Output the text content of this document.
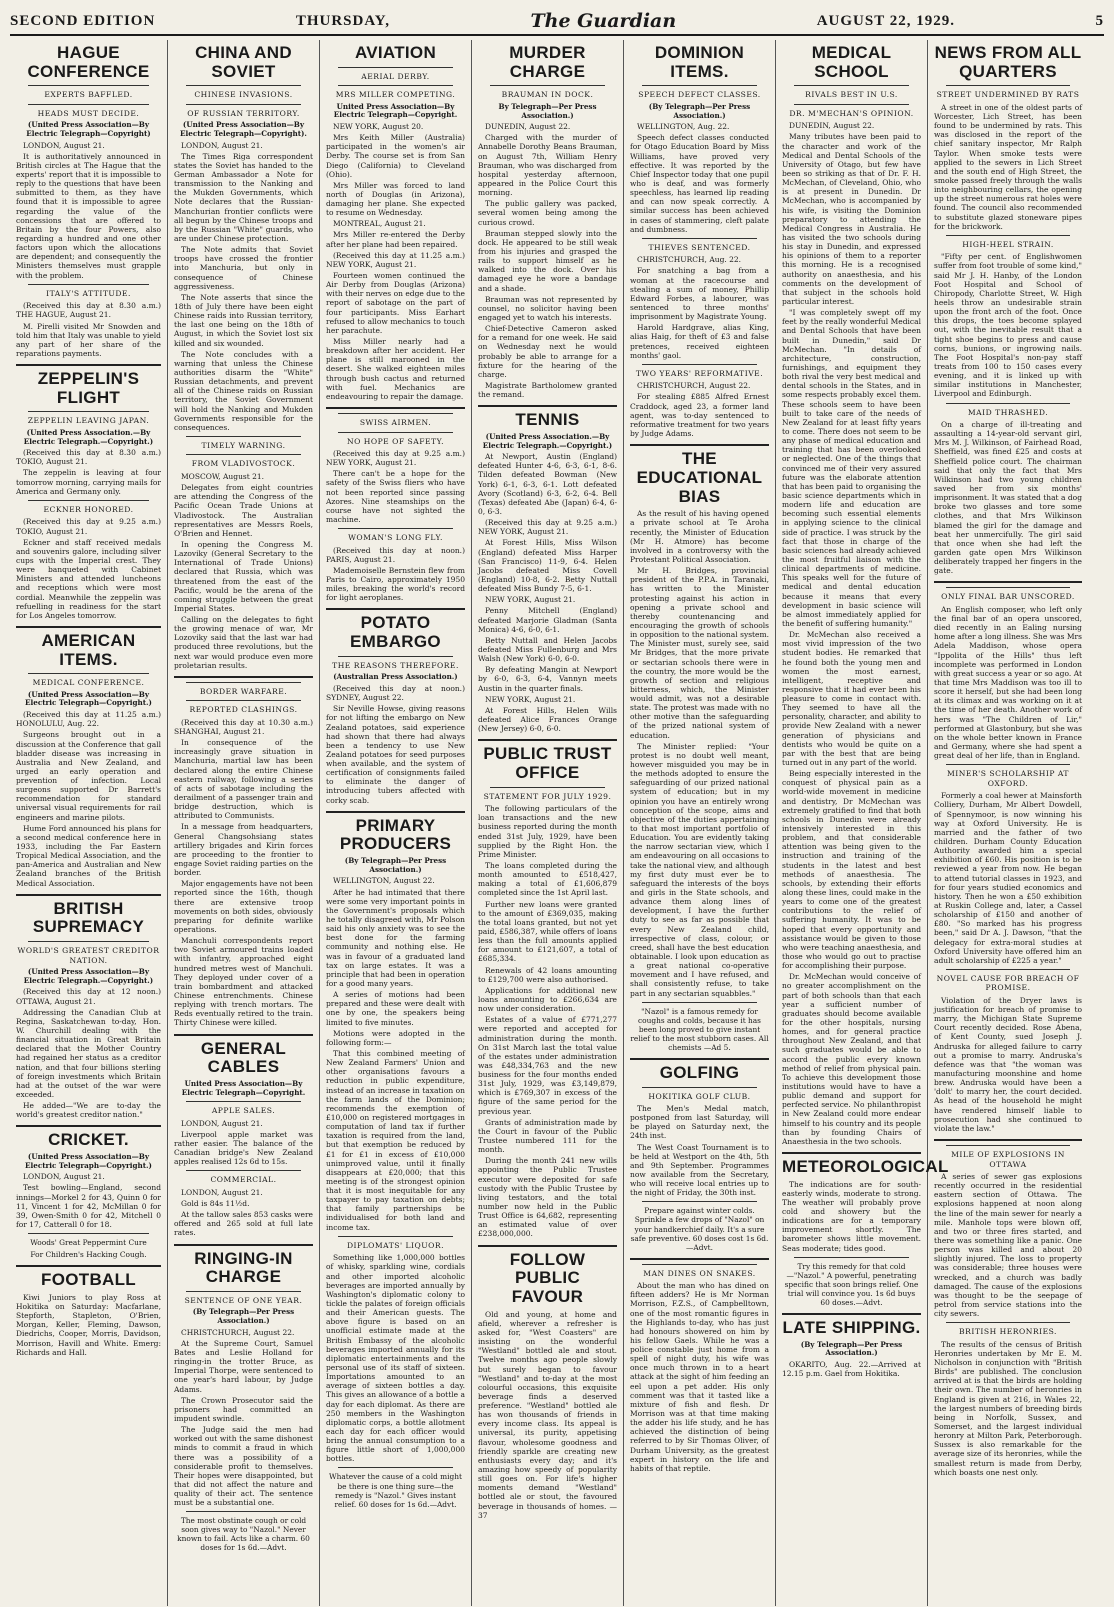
SECOND EDITION	THURSDAY,	The Guardian	AUGUST 22, 1929.	5
HAGUE CONFERENCE
EXPERTS BAFFLED.
HEADS MUST DECIDE.
(United Press Association—By Electric Telegraph—Copyright)

LONDON, August 21.

It is authoritatively announced in British circles at The Hague that the experts' report that it is impossible to reply to the questions that have been submitted to them, as they have found that it is impossible to agree regarding the value of the concessions that are offered to Britain by the four Powers, also regarding a hundred and one other factors upon which the allocations are dependent; and consequently the Ministers themselves must grapple with the problem.

ITALY'S ATTITUDE.

(Received this day at 8.30 a.m.) THE HAGUE, August 21.

M. Pirelli visited Mr Snowden and told him that Italy was unable to yield any part of her share of the reparations payments.

ZEPPELIN'S FLIGHT
ZEPPELIN LEAVING JAPAN.
(United Press Association.—By Electric Telegraph.—Copyright.)

(Received this day at 8.30 a.m.) TOKIO, August 21.

The zeppelin is leaving at four tomorrow morning, carrying mails for America and Germany only.

ECKNER HONORED.

(Received this day at 9.25 a.m.) TOKIO, August 21.

Eckner and staff received medals and souvenirs galore, including silver cups with the Imperial crest. They were banqueted with Cabinet Ministers and attended luncheons and receptions which were most cordial. Meanwhile the zeppelin was refuelling in readiness for the start for Los Angeles tomorrow.

AMERICAN ITEMS.
MEDICAL CONFERENCE.
(United Press Association—By Electric Telegraph—Copyright.)

(Received this day at 11.25 a.m.) HONOLULU, Aug. 22.

Surgeons brought out in a discussion at the Conference that gall bladder disease was increasing in Australia and New Zealand, and urged an early operation and prevention of infection. Local surgeons supported Dr Barrett's recommendation for standard universal visual requirements for rail engineers and marine pilots.

Hume Ford announced his plans for a second medical conference here in 1933, including the Far Eastern Tropical Medical Association, and the pan-America and Australian and New Zealand branches of the British Medical Association.

BRITISH SUPREMACY
WORLD'S GREATEST CREDITOR NATION.
(United Press Association—By Electric Telegraph.—Copyright.)

(Received this day at 12 noon.) OTTAWA, August 21.

Addressing the Canadian Club at Regina, Saskatchewan to-day, Hon. W. Churchill dealing with the financial situation in Great Britain declared that the Mother Country had regained her status as a creditor nation, and that four billions sterling of foreign investments which Britain had at the outset of the war were exceeded.

He added—"We are to-day the world's greatest creditor nation."

CRICKET.
(United Press Association—By Electric Telegraph—Copyright.)

LONDON, August 21.

Test bowling—England, second innings—Morkel 2 for 43, Quinn 0 for 11, Vincent 1 for 42, McMillan 0 for 39, Owen-Smith 0 for 42, Mitchell 0 for 17, Catterall 0 for 18.

Woods' Great Peppermint Cure

For Children's Hacking Cough.

FOOTBALL

Kiwi Juniors to play Ross at Hokitika on Saturday: Macfarlane, Stepforth, Stapleton, O'Brien, Morgan, Keller, Fleming, Dawson, Diedrichs, Cooper, Morris, Davidson, Morrison, Havill and White. Emerg: Richards and Hall.

CHINA AND SOVIET
CHINESE INVASIONS.
OF RUSSIAN TERRITORY.
(United Press Association—By Electric Telegraph—Copyright).

LONDON, August 21.

The Times Riga correspondent states the Soviet has handed to the German Ambassador a Note for transmission to the Nanking and the Mukden Governments, which Note declares that the Russian-Manchurian frontier conflicts were all begun by the Chinese troops and by the Russian "White" guards, who are under Chinese protection.

The Note admits that Soviet troops have crossed the frontier into Manchuria, but only in consequence of Chinese aggressiveness.

The Note asserts that since the 18th of July there have been eight Chinese raids into Russian territory, the last one being on the 18th of August, in which the Soviet lost six killed and six wounded.

The Note concludes with a warning that unless the Chinese authorities disarm the "White" Russian detachments, and prevent all of the Chinese raids on Russian territory, the Soviet Government will hold the Nanking and Mukden Governments responsible for the consequences.

TIMELY WARNING.
FROM VLADIVOSTOCK.

MOSCOW, August 21.

Delegates from eight countries are attending the Congress of the Pacific Ocean Trade Unions at Vladivostock. The Australian representatives are Messrs Roels, O'Brien and Hennet.

In opening the Congress M. Lazoviky (General Secretary to the International of Trade Unions) declared that Russia, which was threatened from the east of the Pacific, would be the arena of the coming struggle between the great Imperial States.

Calling on the delegates to fight the growing menace of war, Mr Lozoviky said that the last war had produced three revolutions, but the next war would produce even more proletarian results.

BORDER WARFARE.
REPORTED CLASHINGS.

(Received this day at 10.30 a.m.) SHANGHAI, August 21.

In consequence of the increasingly grave situation in Manchuria, martial law has been declared along the entire Chinese eastern railway, following a series of acts of sabotage including the derailment of a passenger train and bridge destruction, which is attributed to Communists.

In a message from headquarters, General Changsohsiang states artillery brigades and Kirin forces are proceeding to the frontier to engage Soviet raiding parties on the border.

Major engagements have not been reported since the 16th, though there are extensive troop movements on both sides, obviously preparing for definite warlike operations.

Manchuli correspondents report two Soviet armoured trains loaded with infantry, approached eight hundred metres west of Manchuli. They deployed under cover of a train bombardment and attacked Chinese entrenchments. Chinese replying with trench mortars. The Reds eventually retired to the train. Thirty Chinese were killed.

GENERAL CABLES
United Press Association—By Electric Telegraph—Copyright.
APPLE SALES.

LONDON, August 21.

Liverpool apple market was rather easier. The balance of the Canadian bridge's New Zealand apples realised 12s 6d to 15s.

COMMERCIAL.

LONDON, August 21.

Gold is 84s 11½d.

At the tallow sales 853 casks were offered and 265 sold at full late rates.

RINGING-IN CHARGE
SENTENCE OF ONE YEAR.
(By Telegraph—Per Press Association.)

CHRISTCHURCH, August 22.

At the Supreme Court, Samuel Bates and Leslie Holland for ringing-in the trotter Bruce, as Imperial Thorpe, were sentenced to one year's hard labour, by Judge Adams.

The Crown Prosecutor said the prisoners had committed an impudent swindle.

The Judge said the men had worked out with the same dishonest minds to commit a fraud in which there was a possibility of a considerable profit to themselves. Their hopes were disappointed, but that did not affect the nature and quality of their act. The sentence must be a substantial one.

The most obstinate cough or cold soon gives way to "Nazol." Never known to fail. Acts like a charm. 60 doses for 1s 6d.—Advt.

AVIATION
AERIAL DERBY.
MRS MILLER COMPETING.
United Press Association—By Electric Telegraph—Copyright.

NEW YORK, August 20.

Mrs Keith Miller (Australia) participated in the women's air Derby. The course set is from San Diego (California) to Cleveland (Ohio).

Mrs Miller was forced to land north of Douglas (in Arizona), damaging her plane. She expected to resume on Wednesday.

MONTREAL, August 21.

Mrs Miller re-entered the Derby after her plane had been repaired.

(Received this day at 11.25 a.m.) NEW YORK, August 21.

Fourteen women continued the Air Derby from Douglas (Arizona) with their nerves on edge due to the report of sabotage on the part of four participants. Miss Earhart refused to allow mechanics to touch her parachute.

Miss Miller nearly had a breakdown after her accident. Her plane is still marooned in the desert. She walked eighteen miles through bush cactus and returned with fuel. Mechanics are endeavouring to repair the damage.

SWISS AIRMEN.
NO HOPE OF SAFETY.

(Received this day at 9.25 a.m.) NEW YORK, August 21.

There can't be a hope for the safety of the Swiss fliers who have not been reported since passing Azores. Nine steamships on the course have not sighted the machine.

WOMAN'S LONG FLY.

(Received this day at noon.) PARIS, August 21.

Mademoiselle Bernstein flew from Paris to Cairo, approximately 1950 miles, breaking the world's record for light aeroplanes.

POTATO EMBARGO
THE REASONS THEREFORE.
(Australian Press Association.)

(Received this day at noon.) SYDNEY, August 22.

Sir Neville Howse, giving reasons for not lifting the embargo on New Zealand potatoes, said experience had shown that there had always been a tendency to use New Zealand potatoes for seed purposes when available, and the system of certification of consignments failed to eliminate the danger of introducing tubers affected with corky scab.

PRIMARY PRODUCERS
(By Telegraph—Per Press Association.)

WELLINGTON, August 22.

After he had intimated that there were some very important points in the Government's proposals which he totally disagreed with, Mr Polson said his only anxiety was to see the best done for the farming community and nothing else. He was in favour of a graduated land tax on large estates. It was a principle that had been in operation for a good many years.

A series of motions had been prepared and these were dealt with one by one, the speakers being limited to five minutes.

Motions were adopted in the following form:—

That this combined meeting of New Zealand Farmers' Union and other organisations favours a reduction in public expenditure, instead of an increase in taxation on the farm lands of the Dominion; recommends the exemption of £10,000 on registered mortgages in computation of land tax if further taxation is required from the land, but that exemption be reduced by £1 for £1 in excess of £10,000 unimproved value, until it finally disappears at £20,000; that this meeting is of the strongest opinion that it is most inequitable for any taxpayer to pay taxation on debts; that family partnerships be individualised for both land and income tax.

DIPLOMATS' LIQUOR.

Something like 1,000,000 bottles of whisky, sparkling wine, cordials and other imported alcoholic beverages are imported annually by Washington's diplomatic colony to tickle the palates of foreign officials and their American guests. The above figure is based on an unofficial estimate made at the British Embassy of the alcoholic beverages imported annually for its diplomatic entertainments and the personal use of its staff of sixteen. Importations amounted to an average of sixteen bottles a day. This gives an allowance of a bottle a day for each diplomat. As there are 250 members in the Washington diplomatic corps, a bottle allotment each day for each officer would bring the annual consumption to a figure little short of 1,000,000 bottles.

Whatever the cause of a cold might be there is one thing sure—the remedy is "Nazol." Gives instant relief. 60 doses for 1s 6d.—Advt.

MURDER CHARGE
BRAUMAN IN DOCK.
By Telegraph—Per Press Association.)

DUNEDIN, August 22.

Charged with the murder of Annabelle Dorothy Beans Brauman, on August 7th, William Henry Brauman, who was discharged from hospital yesterday afternoon, appeared in the Police Court this morning.

The public gallery was packed, several women being among the curious crowd.

Brauman stepped slowly into the dock. He appeared to be still weak from his injuries and grasped the rails to support himself as he walked into the dock. Over his damaged eye he wore a bandage and a shade.

Brauman was not represented by counsel, no solicitor having been engaged yet to watch his interests.

Chief-Detective Cameron asked for a remand for one week. He said on Wednesday next he would probably be able to arrange for a fixture for the hearing of the charge.

Magistrate Bartholomew granted the remand.

TENNIS
(United Press Association.—By Electric Telegraph.—Copyright.)

At Newport, Austin (England) defeated Hunter 4-6, 6-3, 6-1, 8-6. Tilden defeated Bowman (New York) 6-1, 6-3, 6-1. Lott defeated Avory (Scotland) 6-3, 6-2, 6-4. Bell (Texas) defeated Abe (Japan) 6-4, 6-0, 6-3.

(Received this day at 9.25 a.m.) NEW YORK, August 21.

At Forest Hills, Miss Wilson (England) defeated Miss Harper (San Francisco) 11-9, 6-4. Helen Jacobs defeated Miss Covell (England) 10-8, 6-2. Betty Nuttall defeated Miss Bundy 7-5, 6-1.

NEW YORK, August 21.

Penny Mitchell (England) defeated Marjorie Gladman (Santa Monica) 4-6, 6-0, 6-1.

Betty Nuttall and Helen Jacobs defeated Miss Fullenburg and Mrs Walsh (New York) 6-0, 6-0.

By defeating Mangin at Newport by 6-0, 6-3, 6-4, Vannyn meets Austin in the quarter finals.

NEW YORK, August 21.

At Forest Hills, Helen Wills defeated Alice Frances Orange (New Jersey) 6-0, 6-0.

PUBLIC TRUST OFFICE
STATEMENT FOR JULY 1929.

The following particulars of the loan transactions and the new business reported during the month ended 31st July, 1929, have been supplied by the Right Hon. the Prime Minister.

The loans completed during the month amounted to £518,427, making a total of £1,606,879 completed since the 1st April last.

Further new loans were granted to the amount of £369,035, making the total loans granted, but not yet paid, £586,387, while offers of loans less than the full amounts applied for amount to £121,607, a total of £685,334.

Renewals of 42 loans amounting to £129,700 were also authorised.

Applications for additional new loans amounting to £266,634 are now under consideration.

Estates of a value of £771,277 were reported and accepted for administration during the month. On 31st March last the total value of the estates under administration was £48,334,763 and the new business for the four months ended 31st July, 1929, was £3,149,879, which is £769,307 in excess of the figure of the same period for the previous year.

Grants of administration made by the Court in favour of the Public Trustee numbered 111 for the month.

During the month 241 new wills appointing the Public Trustee executor were deposited for safe custody with the Public Trustee by living testators, and the total number now held in the Public Trust Office is 64,682, representing an estimated value of over £238,000,000.

FOLLOW PUBLIC FAVOUR

Old and young, at home and afield, wherever a refresher is asked for, "West Coasters" are insisting on the wonderful "Westland" bottled ale and stout. Twelve months ago people slowly but surely began to favour "Westland" and to-day at the most colourful occasions, this exquisite beverage finds a deserved preference. "Westland" bottled ale has won thousands of friends in every income class. Its appeal is universal, its purity, appetising flavour, wholesome goodness and friendly sparkle are creating new enthusiasts every day; and it's amazing how speedy of popularity still goes on. For life's higher moments demand "Westland" bottled ale or stout, the favoured beverage in thousands of homes. —37

DOMINION ITEMS.
SPEECH DEFECT CLASSES.
(By Telegraph—Per Press Association.)

WELLINGTON, Aug. 22.

Speech defect classes conducted for Otago Education Board by Miss Williams, have proved very effective. It was reported by the Chief Inspector today that one pupil who is deaf, and was formerly speechless, has learned lip reading and can now speak correctly. A similar success has been achieved in cases of stammering, cleft palate and dumbness.

THIEVES SENTENCED.

CHRISTCHURCH, Aug. 22.

For snatching a bag from a woman at the racecourse and stealing a sum of money, Phillip Edward Forbes, a labourer, was sentenced to three months' imprisonment by Magistrate Young.

Harold Hardgrave, alias King, alias Haig, for theft of £3 and false pretences, received eighteen months' gaol.

TWO YEARS' REFORMATIVE.

CHRISTCHURCH, August 22.

For stealing £885 Alfred Ernest Craddock, aged 23, a former land agent, was to-day sentenced to reformative treatment for two years by Judge Adams.

THE EDUCATIONAL BIAS

As the result of his having opened a private school at Te Aroha recently, the Minister of Education (Mr H. Atmore) has become involved in a controversy with the Protestant Political Association.

Mr H. Bridges, provincial president of the P.P.A. in Taranaki, has written to the Minister protesting against his action in opening a private school and thereby countenancing and encouraging the growth of schools in opposition to the national system. The Minister must, surely see, said Mr Bridges, that the more private or sectarian schools there were in the country, the more would be the growth of section and religious bitterness, which, the Minister would admit, was not a desirable state. The protest was made with no other motive than the safeguarding of the prized national system of education.

The Minister replied: "Your protest is no doubt well meant, however misguided you may be in the methods adopted to ensure the safeguarding of our prized national system of education; but in my opinion you have an entirely wrong conception of the scope, aims and objective of the duties appertaining to that most important portfolio of Education. You are evidently taking the narrow sectarian view, which I am endeavouring on all occasions to take the national view, and although my first duty must ever be to safeguard the interests of the boys and girls in the State schools, and advance them along lines of development, I have the further duty to see as far as possible that every New Zealand child, irrespective of class, colour, or creed, shall have the best education obtainable. I look upon education as a great national co-operative movement and I have refused, and shall consistently refuse, to take part in any sectarian squabbles."

"Nazol" is a famous remedy for coughs and colds, because it has been long proved to give instant relief to the most stubborn cases. All chemists —Ad 5.

GOLFING
HOKITIKA GOLF CLUB.

The Men's Medal match, postponed from last Saturday, will be played on Saturday next, the 24th inst.

The West Coast Tournament is to be held at Westport on the 4th, 5th and 9th September. Programmes now available from the Secretary, who will receive local entries up to the night of Friday, the 30th inst.

Prepare against winter colds. Sprinkle a few drops of "Nazol" on your handkerchief daily. It's a sure safe preventive. 60 doses cost 1s 6d.—Advt.

MAN DINES ON SNAKES.

About the man who has dined on fifteen adders? He is Mr Norman Morrison, F.Z.S., of Campbelltown, one of the most romantic figures in the Highlands to-day, who has just had honours showered on him by his fellow Gaels. While he was a police constable just home from a spell of night duty, his wife was once much thrown in to a heart attack at the sight of him feeding an eel upon a pet adder. His only comment was that it tasted like a mixture of fish and flesh. Dr Morrison was at that time making the adder his life study, and he has achieved the distinction of being referred to by Sir Thomas Oliver, of Durham University, as the greatest expert in history on the life and habits of that reptile.

MEDICAL SCHOOL
RIVALS BEST IN U.S.
DR. M'MECHAN'S OPINION.

DUNEDIN, August 22.

Many tributes have been paid to the character and work of the Medical and Dental Schools of the University of Otago, but few have been so striking as that of Dr. F. H. McMechan, of Cleveland, Ohio, who is at present in Dunedin. Dr McMechan, who is accompanied by his wife, is visiting the Dominion preparatory to attending the Medical Congress in Australia. He has visited the two schools during his stay in Dunedin, and expressed his opinions of them to a reporter this morning. He is a recognised authority on anaesthesia, and his comments on the development of that subject in the schools hold particular interest.

"I was completely swept off my feet by the really wonderful Medical and Dental Schools that have been built in Dunedin," said Dr McMechan. "In details of architecture, construction, furnishings, and equipment they both rival the very best medical and dental schools in the States, and in some respects probably excel them. These schools seem to have been built to take care of the needs of New Zealand for at least fifty years to come. There does not seem to be any phase of medical education and training that has been overlooked or neglected. One of the things that convinced me of their very assured future was the elaborate attention that has been paid to organising the basic science departments which in modern life and education are becoming such essential elements in applying science to the clinical side of practice. I was struck by the fact that those in charge of the basic sciences had already achieved the most fruitful liaison with the clinical departments of medicine. This speaks well for the future of medical and dental education because it means that every development in basic science will be almost immediately applied for the benefit of suffering humanity."

Dr. McMechan also received a most vivid impression of the two student bodies. He remarked that he found both the young men and women the most earnest, intelligent, receptive and responsive that it had ever been his pleasure to come in contact with. They seemed to have all the personality, character, and ability to provide New Zealand with a newer generation of physicians and dentists who would be quite on a par with the best that are being turned out in any part of the world.

Being especially interested in the conquest of physical pain as a world-wide movement in medicine and dentistry, Dr McMechan was extremely gratified to find that both schools in Dunedin were already intensively interested in this problem, and that considerable attention was being given to the instruction and training of the students in the latest and best methods of anaesthesia. The schools, by extending their efforts along these lines, could make in the years to come one of the greatest contributions to the relief of suffering humanity. It was to be hoped that every opportunity and assistance would be given to those who were teaching anaesthesia, and those who would go out to practise for accomplishing their purpose.

Dr. McMechan would conceive of no greater accomplishment on the part of both schools than that each year a sufficient number of graduates should become available for the other hospitals, nursing homes, and for general practice throughout New Zealand, and that such graduates would be able to accord the public every known method of relief from physical pain. To achieve this development those institutions would have to have a public demand and support for perfected service. No philanthropist in New Zealand could more endear himself to his country and its people than by founding Chairs of Anaesthesia in the two schools.

METEOROLOGICAL

The indications are for south-easterly winds, moderate to strong. The weather will probably prove cold and showery but the indications are for a temporary improvement shortly. The barometer shows little movement. Seas moderate; tides good.

Try this remedy for that cold—"Nazol." A powerful, penetrating specific that soon brings relief. One trial will convince you. 1s 6d buys 60 doses.—Advt.

LATE SHIPPING.
(By Telegraph—Per Press Association.)

OKARITO, Aug. 22.—Arrived at 12.15 p.m. Gael from Hokitika.

NEWS FROM ALL QUARTERS
STREET UNDERMINED BY RATS

A street in one of the oldest parts of Worcester, Lich Street, has been found to be undermined by rats. This was disclosed in the report of the chief sanitary inspector, Mr Ralph Taylor. When smoke tests were applied to the sewers in Lich Street and the south end of High Street, the smoke passed freely through the walls into neighbouring cellars, the opening up the street numerous rat holes were found. The council also recommended to substitute glazed stoneware pipes for the brickwork.

HIGH-HEEL STRAIN.

"Fifty per cent. of Englishwomen suffer from foot trouble of some kind," said Mr J. H. Hanby, of the London Foot Hospital and School of Chiropody, Charlotte Street, W. High heels throw an undesirable strain upon the front arch of the foot. Once this drops, the toes become splayed out, with the inevitable result that a tight shoe begins to press and cause corns, bunions, or ingrowing nails. The Foot Hospital's non-pay staff treats from 100 to 150 cases every evening, and it is linked up with similar institutions in Manchester, Liverpool and Edinburgh.

MAID THRASHED.

On a charge of ill-treating and assaulting a 14-year-old servant girl, Mrs M. J. Wilkinson, of Fairhead Road, Sheffield, was fined £25 and costs at Sheffield police court. The chairman said that only the fact that Mrs Wilkinson had two young children saved her from six months' imprisonment. It was stated that a dog broke two glasses and tore some clothes, and that Mrs Wilkinson blamed the girl for the damage and beat her unmercifully. The girl said that once when she had left the garden gate open Mrs Wilkinson deliberately trapped her fingers in the gate.

ONLY FINAL BAR UNSCORED.

An English composer, who left only the final bar of an opera unscored, died recently in an Ealing nursing home after a long illness. She was Mrs Adela Maddison, whose opera "Ippolita of the Hills" thus left incomplete was performed in London with great success a year or so ago. At that time Mrs Maddison was too ill to score it herself, but she had been long at its climax and was working on it at the time of her death. Another work of hers was "The Children of Lir," performed at Glastonbury, but she was on the whole better known in France and Germany, where she had spent a great deal of her life, than in England.

MINER'S SCHOLARSHIP AT OXFORD.

Formerly a coal hewer at Mainsforth Colliery, Durham, Mr Albert Dowdell, of Spennymoor, is now winning his way at Oxford University. He is married and the father of two children. Durham County Education Authority awarded him a special exhibition of £60. His position is to be reviewed a year from now. He began to attend tutorial classes in 1923, and for four years studied economics and history. Then he won a £50 exhibition at Ruskin College and, later, a Cassel scholarship of £150 and another of £80. "So marked has his progress been," said Dr A. J. Dawson, "that the delegacy for extra-moral studies at Oxford University have offered him an adult scholarship of £225 a year."

NOVEL CAUSE FOR BREACH OF PROMISE.

Violation of the Dryer laws is justification for breach of promise to marry, the Michigan State Supreme Court recently decided. Rose Abena, of Kent County, sued Joseph J. Andruska for alleged failure to carry out a promise to marry. Andruska's defence was that "the woman was manufacturing moonshine and home brew. Andruska would have been a 'dolt' to marry her, the court decided. As head of the household he might have rendered himself liable to prosecution had she continued to violate the law."

MILE OF EXPLOSIONS IN OTTAWA

A series of sewer gas explosions recently occurred in the residential eastern section of Ottawa. The explosions happened at noon along the line of the main sewer for nearly a mile. Manhole tops were blown off, and two or three fires started, and there was something like a panic. One person was killed and about 20 slightly injured. The loss to property was considerable; three houses were wrecked, and a church was badly damaged. The cause of the explosions was thought to be the seepage of petrol from service stations into the city sewers.

BRITISH HERONRIES.

The results of the census of British Heronries undertaken by Mr E. M. Nicholson in conjunction with "British Birds" are published. The conclusion arrived at is that the birds are holding their own. The number of heronries in England is given at 216, in Wales 22, the largest numbers of breeding birds being in Norfolk, Sussex, and Somerset, and the largest individual heronry at Milton Park, Peterborough. Sussex is also remarkable for the average size of its heronries, while the smallest return is made from Derby, which boasts one nest only.
